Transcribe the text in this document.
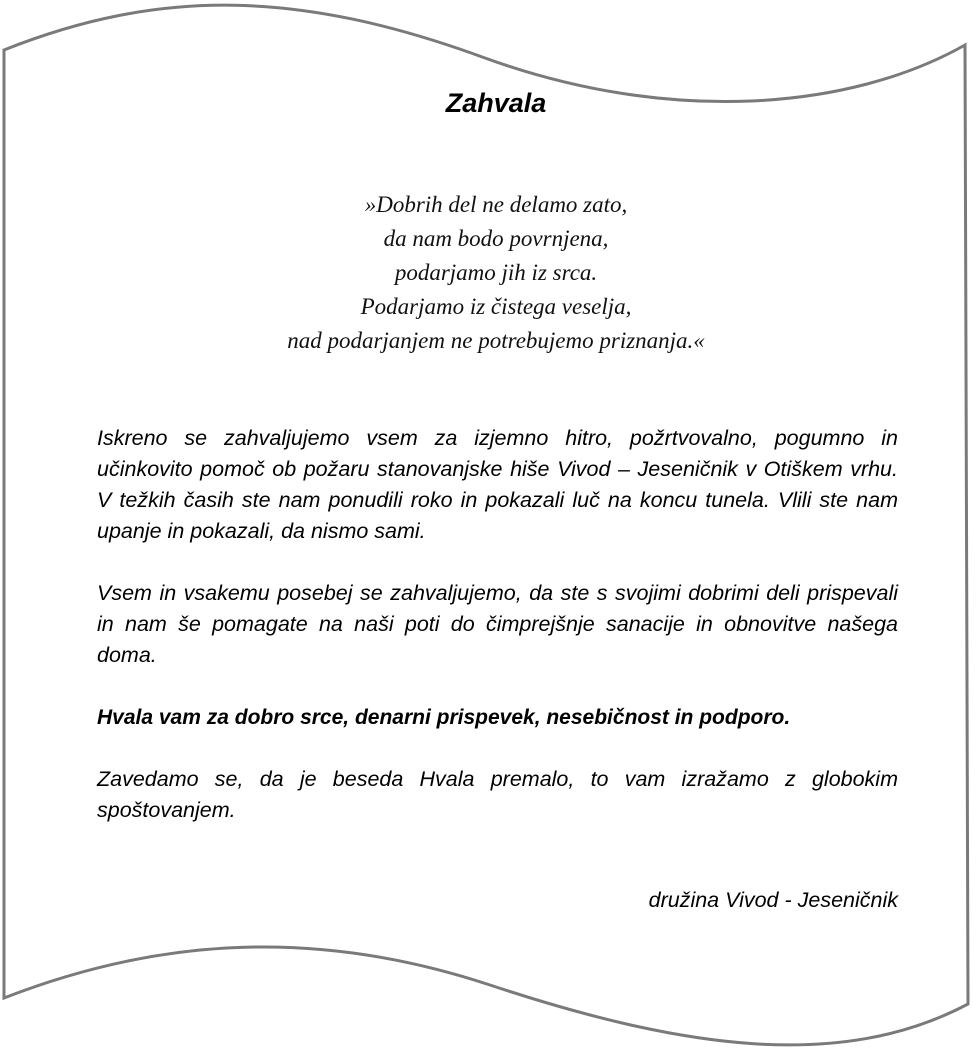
Zahvala

»Dobrih del ne delamo zato,
da nam bodo povrnjena,
podarjamo jih iz srca.
Podarjamo iz čistega veselja,
nad podarjanjem ne potrebujemo priznanja.«

Iskreno se zahvaljujemo vsem za izjemno hitro, požrtvovalno, pogumno in učinkovito pomoč ob požaru stanovanjske hiše Vivod – Jeseničnik v Otiškem vrhu. V težkih časih ste nam ponudili roko in pokazali luč na koncu tunela. Vlili ste nam upanje in pokazali, da nismo sami.

Vsem in vsakemu posebej se zahvaljujemo, da ste s svojimi dobrimi deli prispevali in nam še pomagate na naši poti do čimprejšnje sanacije in obnovitve našega doma.

Hvala vam za dobro srce, denarni prispevek, nesebičnost in podporo.

Zavedamo se, da je beseda Hvala premalo, to vam izražamo z globokim spoštovanjem.

družina Vivod - Jeseničnik
